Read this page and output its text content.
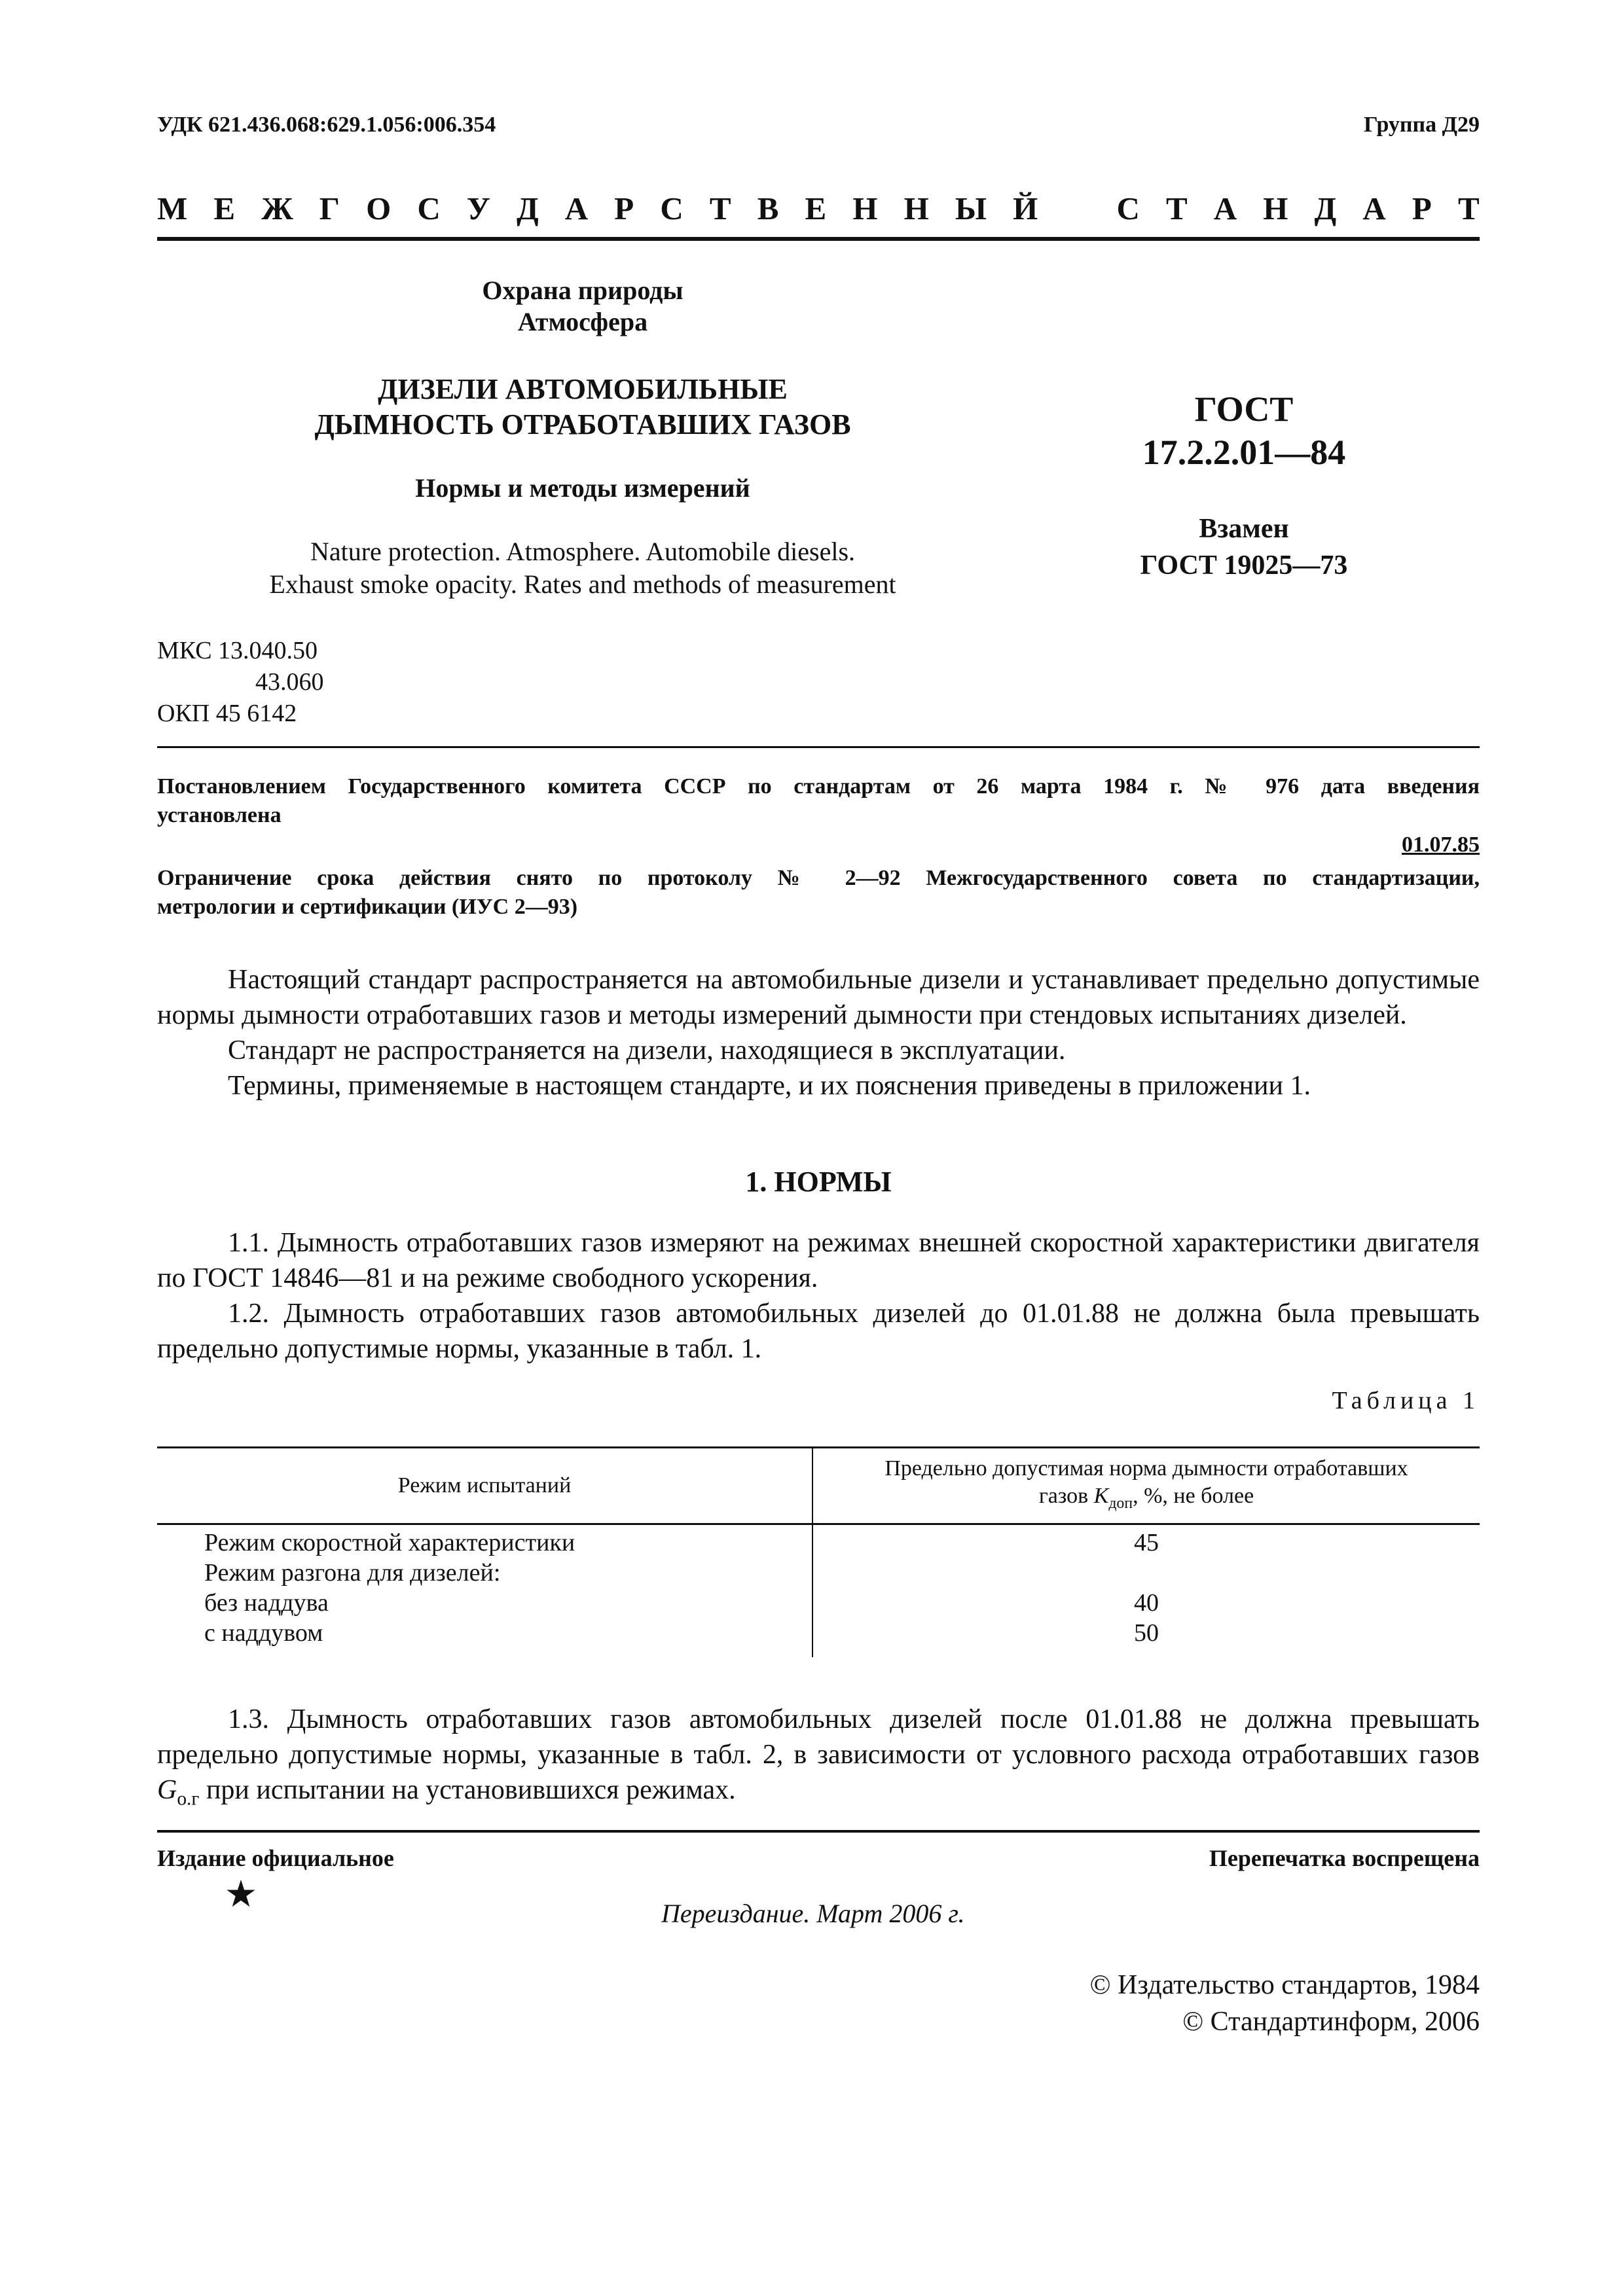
УДК 621.436.068:629.1.056:006.354	Группа Д29
М Е Ж Г О С У Д А Р С Т В Е Н Н Ы Й С Т А Н Д А Р Т
Охрана природы
Атмосфера
ДИЗЕЛИ АВТОМОБИЛЬНЫЕ
ДЫМНОСТЬ ОТРАБОТАВШИХ ГАЗОВ
Нормы и методы измерений
Nature protection. Atmosphere. Automobile diesels.
Exhaust smoke opacity. Rates and methods of measurement
ГОСТ
17.2.2.01—84
Взамен
ГОСТ 19025—73
МКС 13.040.50
43.060
ОКП 45 6142
Постановлением Государственного комитета СССР по стандартам от 26 марта 1984 г. № 976 дата введения
установлена
01.07.85
Ограничение срока действия снято по протоколу № 2—92 Межгосударственного совета по стандартизации,
метрологии и сертификации (ИУС 2—93)

Настоящий стандарт распространяется на автомобильные дизели и устанавливает предельно допустимые нормы дымности отработавших газов и методы измерений дымности при стендовых испытаниях дизелей.

Стандарт не распространяется на дизели, находящиеся в эксплуатации.

Термины, применяемые в настоящем стандарте, и их пояснения приведены в приложении 1.

1. НОРМЫ

1.1. Дымность отработавших газов измеряют на режимах внешней скоростной характеристики двигателя по ГОСТ 14846—81 и на режиме свободного ускорения.

1.2. Дымность отработавших газов автомобильных дизелей до 01.01.88 не должна была превышать предельно допустимые нормы, указанные в табл. 1.

Таблица 1
Режим испытаний	Предельно допустимая норма дымности отработавших
газов $K_{доп}$, %, не более

Режим скоростной характеристики	45
Режим разгона для дизелей:	
без наддува	40
с наддувом	50

1.3. Дымность отработавших газов автомобильных дизелей после 01.01.88 не должна превышать предельно допустимые нормы, указанные в табл. 2, в зависимости от условного расхода отработавших газов $G_{о.г}$ при испытании на установившихся режимах.

Издание официальное	Перепечатка воспрещена
Переиздание. Март 2006 г.
© Издательство стандартов, 1984
© Стандартинформ, 2006
